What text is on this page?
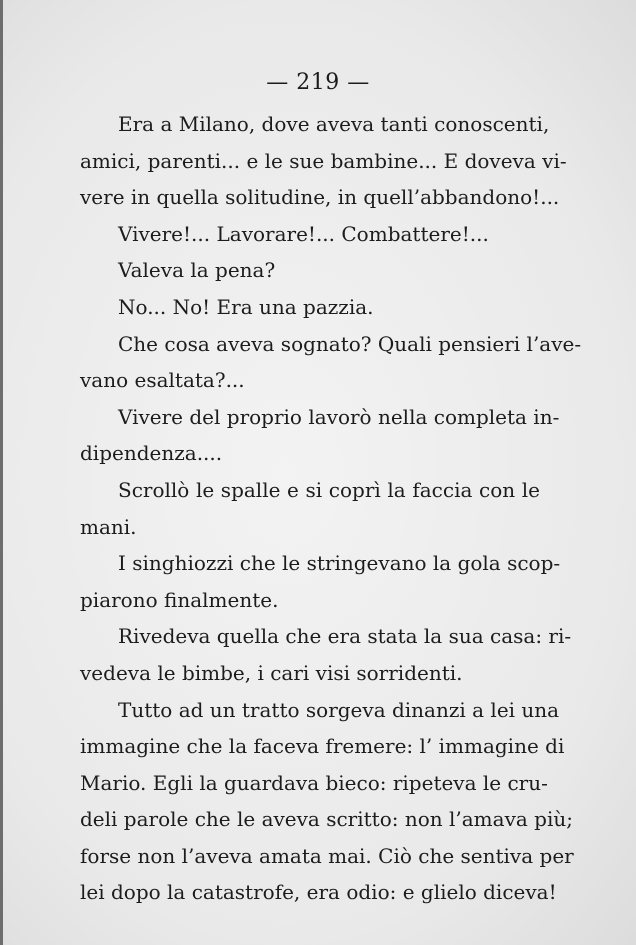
— 219 —
Era a Milano, dove aveva tanti conoscenti,
amici, parenti... e le sue bambine... E doveva vi-
vere in quella solitudine, in quell’abbandono!...
Vivere!... Lavorare!... Combattere!...
Valeva la pena?
No... No! Era una pazzia.
Che cosa aveva sognato? Quali pensieri l’ave-
vano esaltata?...
Vivere del proprio lavorò nella completa in-
dipendenza....
Scrollò le spalle e si coprì la faccia con le
mani.
I singhiozzi che le stringevano la gola scop-
piarono finalmente.
Rivedeva quella che era stata la sua casa: ri-
vedeva le bimbe, i cari visi sorridenti.
Tutto ad un tratto sorgeva dinanzi a lei una
immagine che la faceva fremere: l’ immagine di
Mario. Egli la guardava bieco: ripeteva le cru-
deli parole che le aveva scritto: non l’amava più;
forse non l’aveva amata mai. Ciò che sentiva per
lei dopo la catastrofe, era odio: e glielo diceva!
